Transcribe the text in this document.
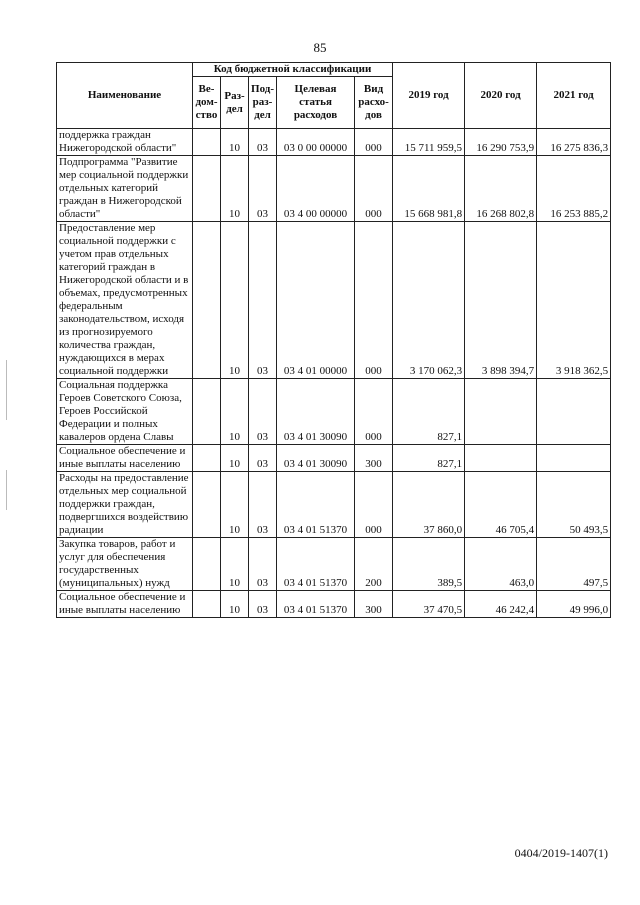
85
Наименование	Код бюджетной классификации					2019 год	2020 год	2021 год
	Ве-
дом-
ство	Раз-
дел	Под-
раз-
дел	Целевая
статья
расходов	Вид
расхо-
дов			
поддержка граждан Нижегородской области"		10	03	03 0 00 00000	000	15 711 959,5	16 290 753,9	16 275 836,3
Подпрограмма "Развитие мер социальной поддержки отдельных категорий граждан в Нижегородской области"		10	03	03 4 00 00000	000	15 668 981,8	16 268 802,8	16 253 885,2
Предоставление мер социальной поддержки с учетом прав отдельных категорий граждан в Нижегородской области и в объемах, предусмотренных федеральным законодательством, исходя из прогнозируемого количества граждан, нуждающихся в мерах социальной поддержки		10	03	03 4 01 00000	000	3 170 062,3	3 898 394,7	3 918 362,5
Социальная поддержка Героев Советского Союза, Героев Российской Федерации и полных кавалеров ордена Славы		10	03	03 4 01 30090	000	827,1		
Социальное обеспечение и иные выплаты населению		10	03	03 4 01 30090	300	827,1		
Расходы на предоставление отдельных мер социальной поддержки граждан, подвергшихся воздействию радиации		10	03	03 4 01 51370	000	37 860,0	46 705,4	50 493,5
Закупка товаров, работ и услуг для обеспечения государственных (муниципальных) нужд		10	03	03 4 01 51370	200	389,5	463,0	497,5
Социальное обеспечение и иные выплаты населению		10	03	03 4 01 51370	300	37 470,5	46 242,4	49 996,0
0404/2019-1407(1)
